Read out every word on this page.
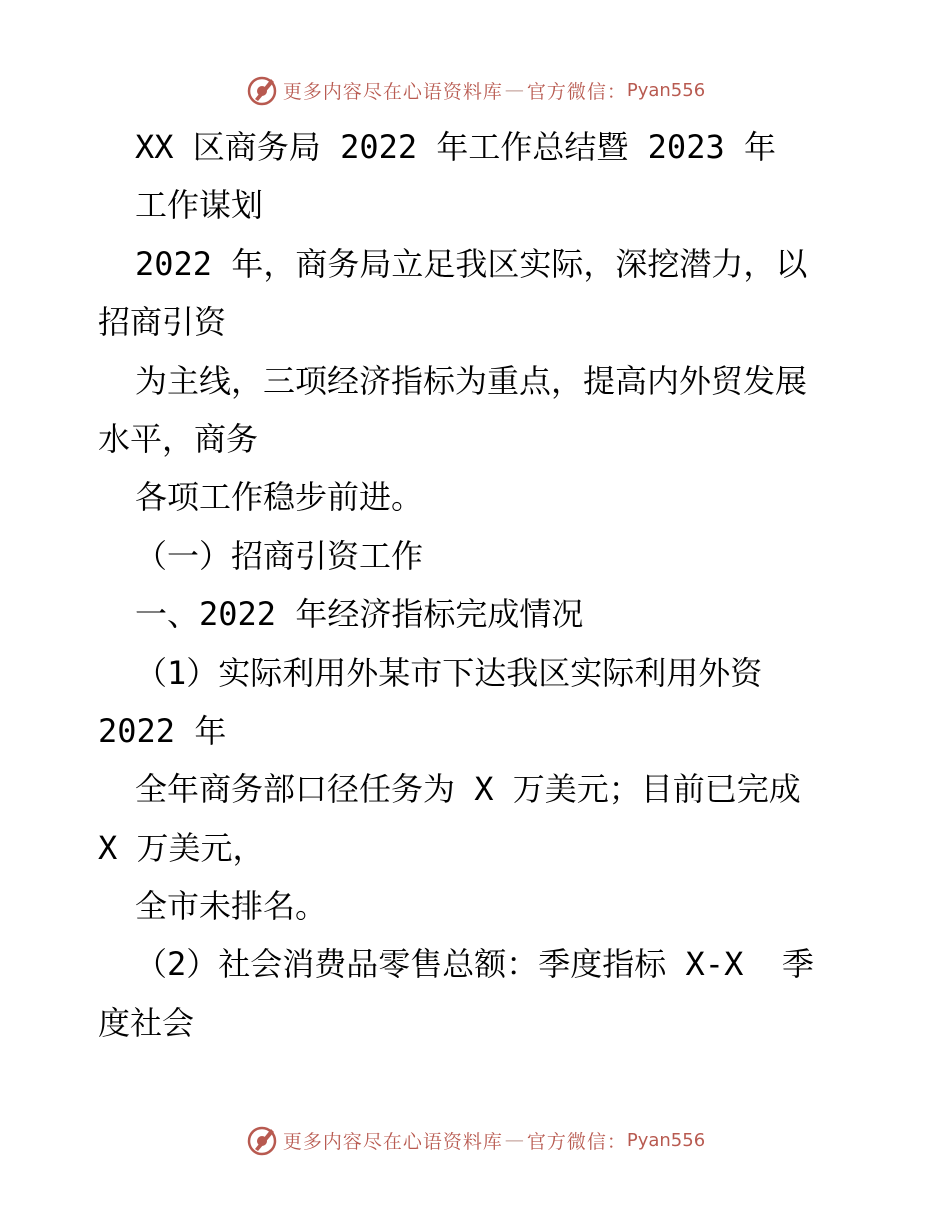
更多内容尽在心语资料库 — 官方微信： Pyan556
XX 区商务局 2022 年工作总结暨 2023 年
工作谋划
2022 年，商务局立足我区实际，深挖潜力，以
招商引资
为主线，三项经济指标为重点，提高内外贸发展
水平，商务
各项工作稳步前进。
（一）招商引资工作
一、2022 年经济指标完成情况
（1）实际利用外某市下达我区实际利用外资
2022 年
全年商务部口径任务为 X 万美元；目前已完成
X 万美元，
全市未排名。
（2）社会消费品零售总额：季度指标 X-X  季
度社会
更多内容尽在心语资料库 — 官方微信： Pyan556
